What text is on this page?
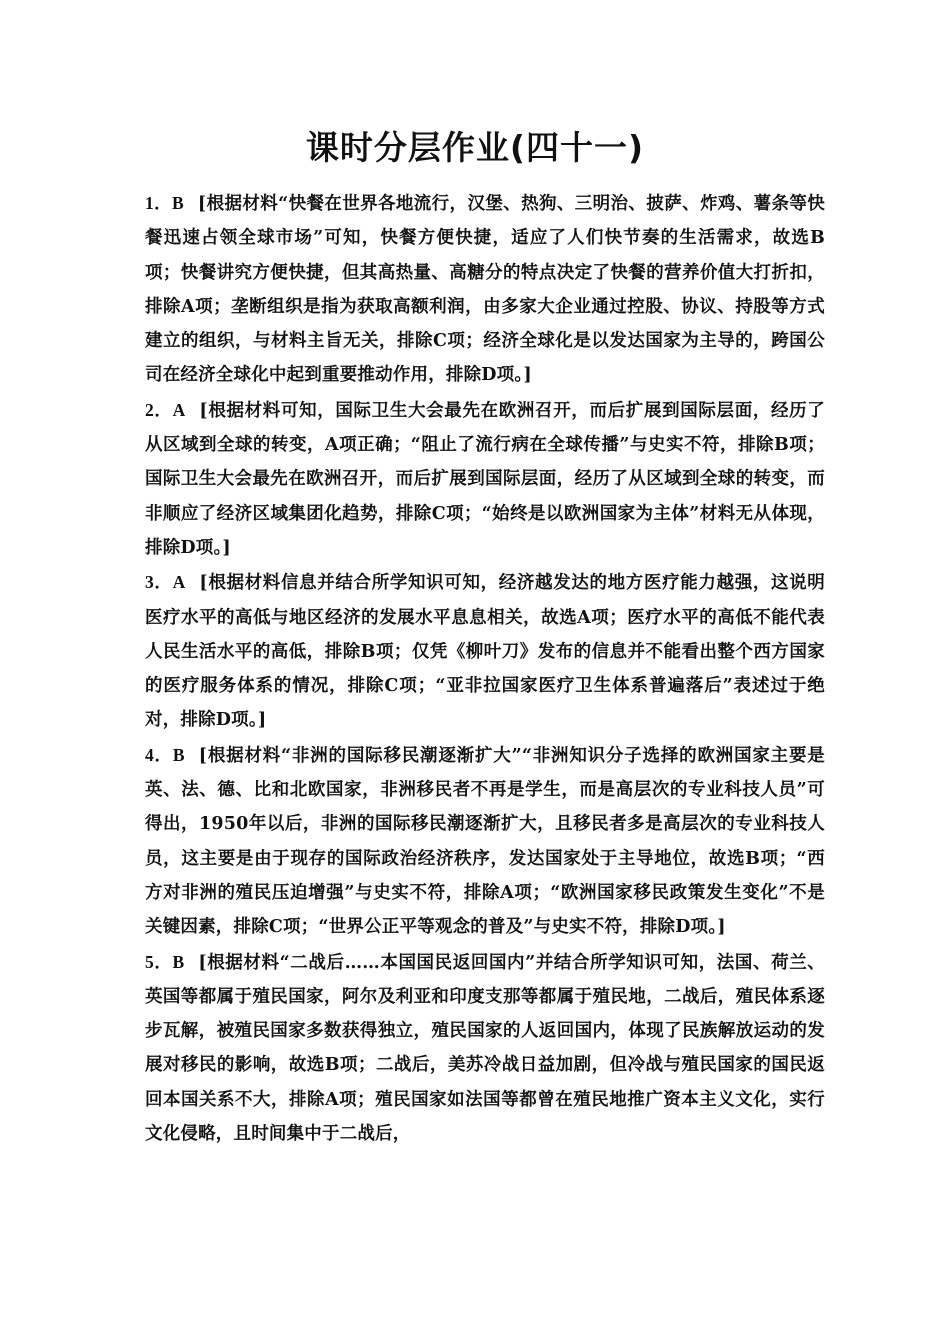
课时分层作业(四十一)

1．B [根据材料“快餐在世界各地流行，汉堡、热狗、三明治、披萨、炸鸡、薯条等快餐迅速占领全球市场”可知，快餐方便快捷，适应了人们快节奏的生活需求，故选B项；快餐讲究方便快捷，但其高热量、高糖分的特点决定了快餐的营养价值大打折扣，排除A项；垄断组织是指为获取高额利润，由多家大企业通过控股、协议、持股等方式建立的组织，与材料主旨无关，排除C项；经济全球化是以发达国家为主导的，跨国公司在经济全球化中起到重要推动作用，排除D项。]

2．A [根据材料可知，国际卫生大会最先在欧洲召开，而后扩展到国际层面，经历了从区域到全球的转变，A项正确；“阻止了流行病在全球传播”与史实不符，排除B项；国际卫生大会最先在欧洲召开，而后扩展到国际层面，经历了从区域到全球的转变，而非顺应了经济区域集团化趋势，排除C项；“始终是以欧洲国家为主体”材料无从体现，排除D项。]

3．A [根据材料信息并结合所学知识可知，经济越发达的地方医疗能力越强，这说明医疗水平的高低与地区经济的发展水平息息相关，故选A项；医疗水平的高低不能代表人民生活水平的高低，排除B项；仅凭《柳叶刀》发布的信息并不能看出整个西方国家的医疗服务体系的情况，排除C项；“亚非拉国家医疗卫生体系普遍落后”表述过于绝对，排除D项。]

4．B [根据材料“非洲的国际移民潮逐渐扩大”“非洲知识分子选择的欧洲国家主要是英、法、德、比和北欧国家，非洲移民者不再是学生，而是高层次的专业科技人员”可得出，1950年以后，非洲的国际移民潮逐渐扩大，且移民者多是高层次的专业科技人员，这主要是由于现存的国际政治经济秩序，发达国家处于主导地位，故选B项；“西方对非洲的殖民压迫增强”与史实不符，排除A项；“欧洲国家移民政策发生变化”不是关键因素，排除C项；“世界公正平等观念的普及”与史实不符，排除D项。]

5．B [根据材料“二战后……本国国民返回国内”并结合所学知识可知，法国、荷兰、英国等都属于殖民国家，阿尔及利亚和印度支那等都属于殖民地，二战后，殖民体系逐步瓦解，被殖民国家多数获得独立，殖民国家的人返回国内，体现了民族解放运动的发展对移民的影响，故选B项；二战后，美苏冷战日益加剧，但冷战与殖民国家的国民返回本国关系不大，排除A项；殖民国家如法国等都曾在殖民地推广资本主义文化，实行文化侵略，且时间集中于二战后，
